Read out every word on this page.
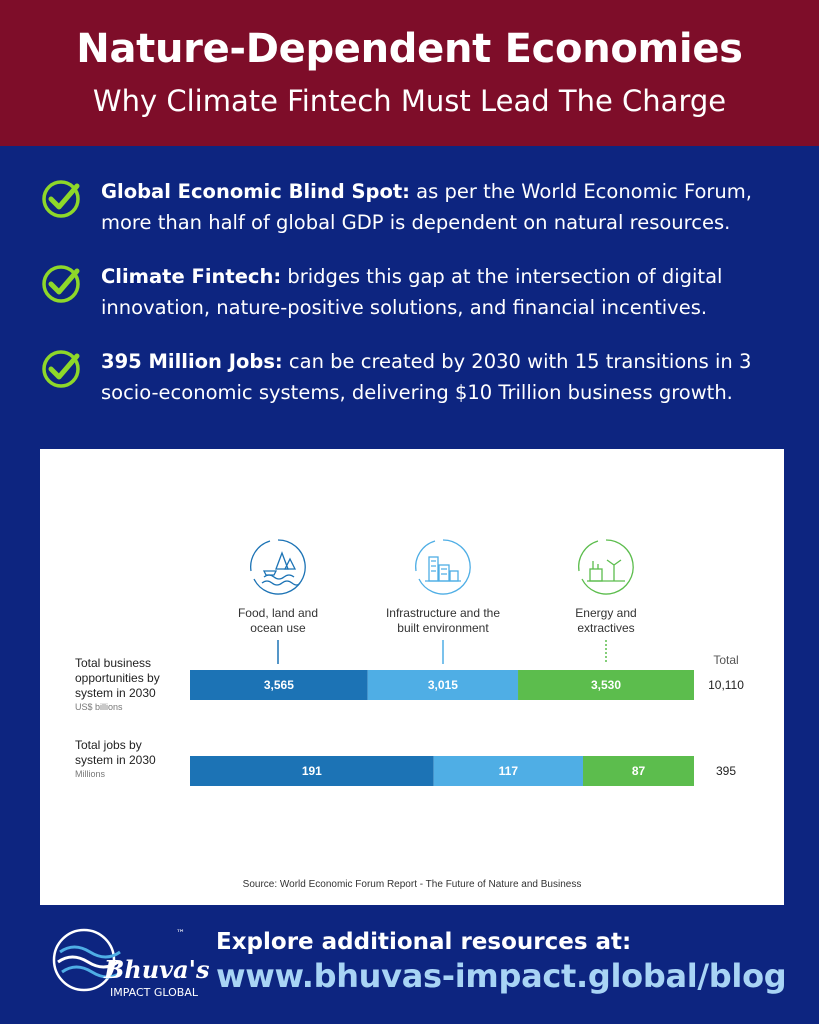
Nature-Dependent Economies
Why Climate Fintech Must Lead The Charge
Global Economic Blind Spot: as per the World Economic Forum,
more than half of global GDP is dependent on natural resources.
Climate Fintech: bridges this gap at the intersection of digital
innovation, nature-positive solutions, and financial incentives.
395 Million Jobs: can be created by 2030 with 15 transitions in 3
socio-economic systems, delivering $10 Trillion business growth.
Food, land and
ocean use
Infrastructure and the
built environment
Energy and
extractives
Total
Total business
opportunities by
system in 2030
US$ billions
3,565	3,015	3,530	10,110
Total jobs by
system in 2030
Millions	191	117	87	395
Source: World Economic Forum Report - The Future of Nature and Business
Bhuva's
IMPACT GLOBAL
™ Explore additional resources at:
www.bhuvas-impact.global/blog
